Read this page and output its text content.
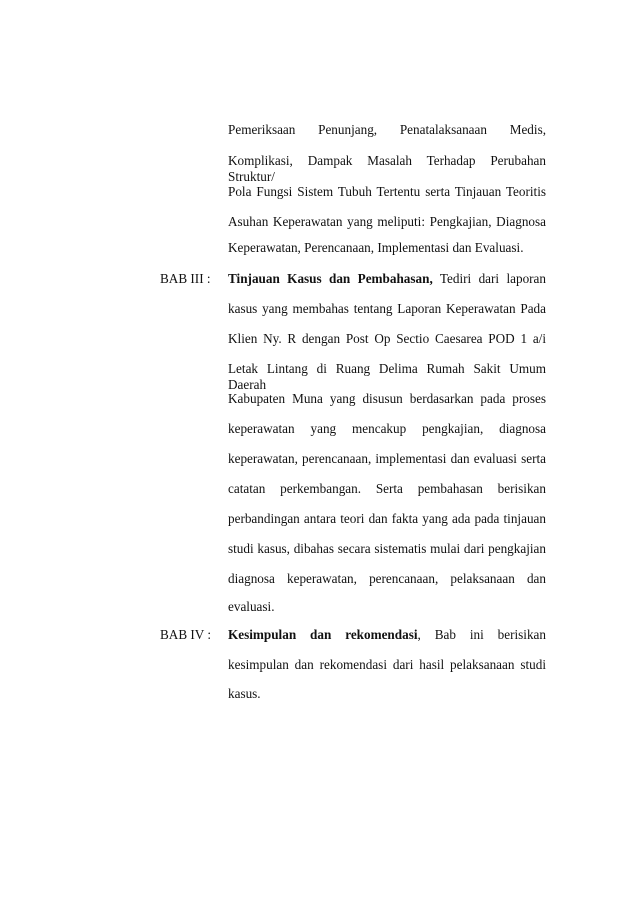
Pemeriksaan Penunjang, Penatalaksanaan Medis,
Komplikasi, Dampak Masalah Terhadap Perubahan Struktur/
Pola Fungsi Sistem Tubuh Tertentu serta Tinjauan Teoritis
Asuhan Keperawatan yang meliputi: Pengkajian, Diagnosa
Keperawatan, Perencanaan, Implementasi dan Evaluasi.
BAB III : Tinjauan Kasus dan Pembahasan, Tediri dari laporan
kasus yang membahas tentang Laporan Keperawatan Pada
Klien Ny. R dengan Post Op Sectio Caesarea POD 1 a/i
Letak Lintang di Ruang Delima Rumah Sakit Umum Daerah
Kabupaten Muna yang disusun berdasarkan pada proses
keperawatan yang mencakup pengkajian, diagnosa
keperawatan, perencanaan, implementasi dan evaluasi serta
catatan perkembangan. Serta pembahasan berisikan
perbandingan antara teori dan fakta yang ada pada tinjauan
studi kasus, dibahas secara sistematis mulai dari pengkajian
diagnosa keperawatan, perencanaan, pelaksanaan dan
evaluasi.
BAB IV : Kesimpulan dan rekomendasi, Bab ini berisikan
kesimpulan dan rekomendasi dari hasil pelaksanaan studi
kasus.
